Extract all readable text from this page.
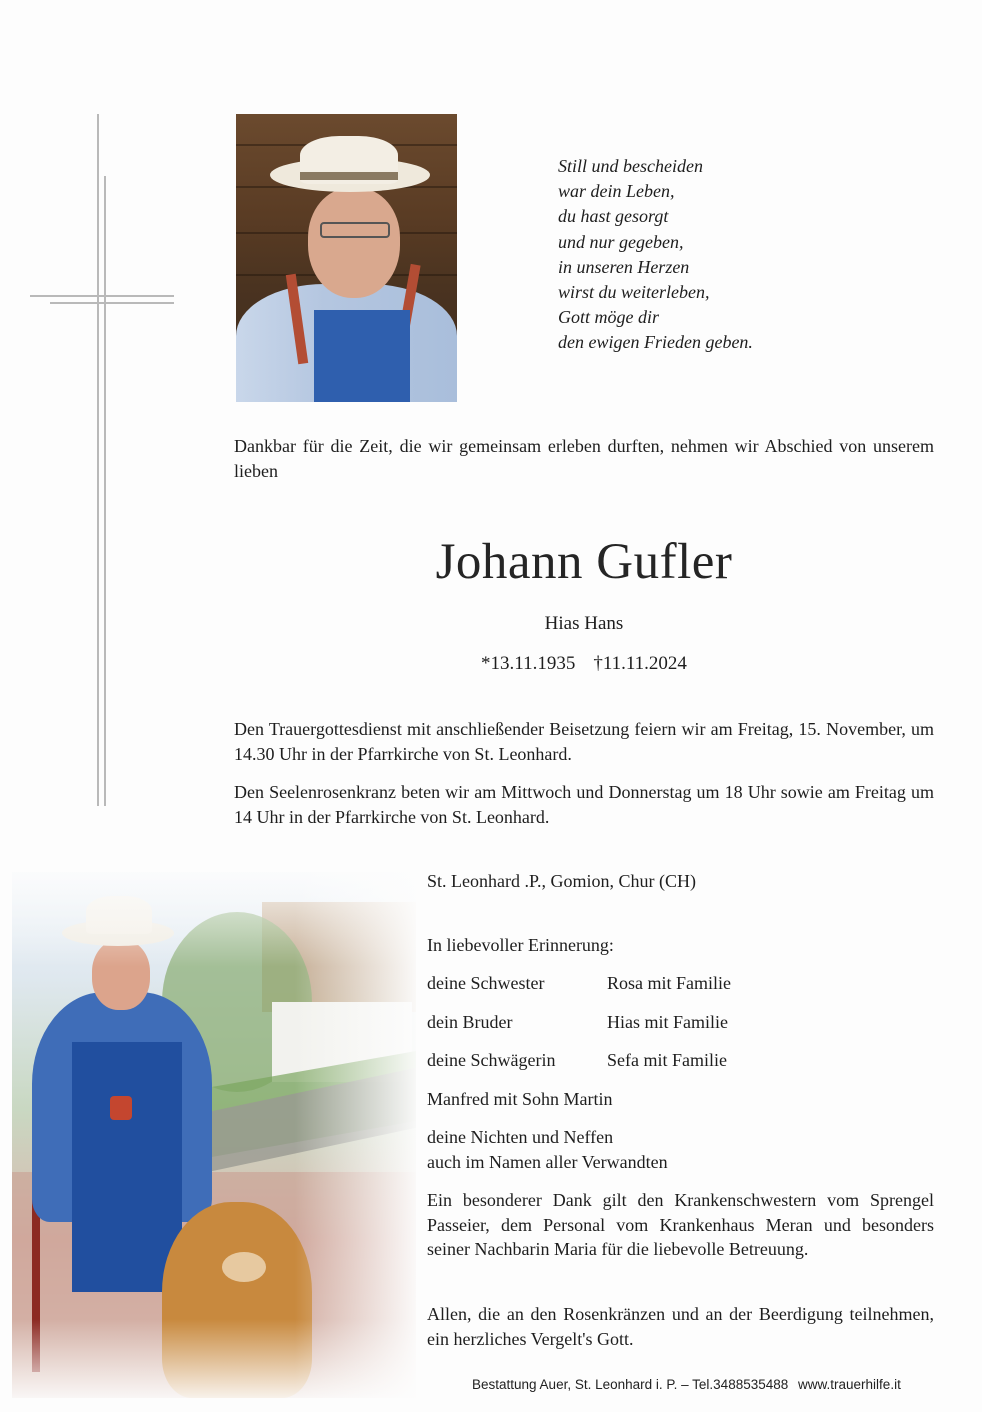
Still und bescheiden
war dein Leben,
du hast gesorgt
und nur gegeben,
in unseren Herzen
wirst du weiterleben,
Gott möge dir
den ewigen Frieden geben.
Dankbar für die Zeit, die wir gemeinsam erleben durften, nehmen wir Abschied von unserem lieben
Johann Gufler
Hias Hans
*13.11.1935 †11.11.2024
Den Trauergottesdienst mit anschließender Beisetzung feiern wir am Freitag, 15. November, um 14.30 Uhr in der Pfarrkirche von St. Leonhard.
Den Seelenrosenkranz beten wir am Mittwoch und Donnerstag um 18 Uhr sowie am Freitag um 14 Uhr in der Pfarrkirche von St. Leonhard.
St. Leonhard .P., Gomion, Chur (CH)
In liebevoller Erinnerung:
deine Schwester	Rosa mit Familie
dein Bruder	Hias mit Familie
deine Schwägerin	Sefa mit Familie
Manfred mit Sohn Martin
deine Nichten und Neffen
auch im Namen aller Verwandten
Ein besonderer Dank gilt den Krankenschwestern vom Sprengel Passeier, dem Personal vom Krankenhaus Meran und besonders seiner Nachbarin Maria für die liebevolle Betreuung.
Allen, die an den Rosenkränzen und an der Beerdigung teilnehmen, ein herzliches Vergelt's Gott.
Bestattung Auer, St. Leonhard i. P. – Tel.3488535488 www.trauerhilfe.it
